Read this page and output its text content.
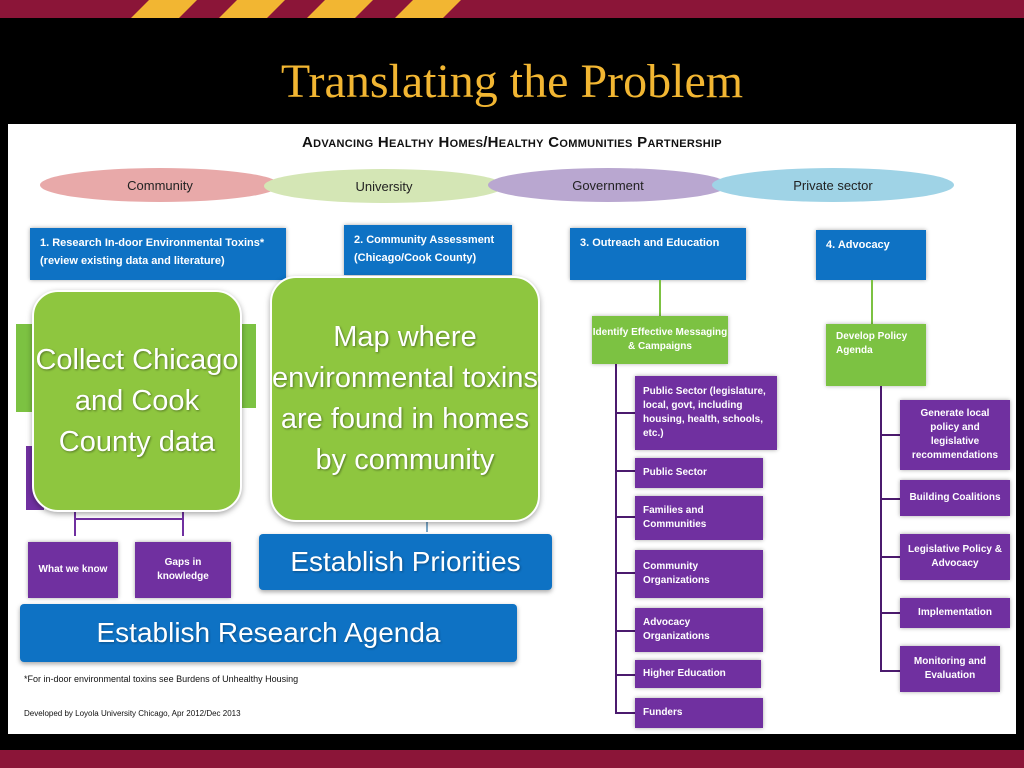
Translating the Problem
Advancing Healthy Homes/Healthy Communities Partnership
Community	University	Government	Private sector
1. Research In-door Environmental Toxins* (review existing data and literature)
2. Community Assessment (Chicago/Cook County)
3. Outreach and Education	4. Advocacy
What we know
Gaps in knowledge
Identify Effective Messaging & Campaigns
Public Sector (legislature, local, govt, including housing, health, schools, etc.)
Public Sector
Families and Communities
Community Organizations
Advocacy Organizations
Higher Education
Funders
Develop Policy Agenda
Generate local policy and legislative recommendations
Building Coalitions
Legislative Policy & Advocacy
Implementation
Monitoring and Evaluation
*For in-door environmental toxins see Burdens of Unhealthy Housing
Developed by Loyola University Chicago, Apr 2012/Dec 2013
Collect Chicago and Cook County data
Map where environmental toxins are found in homes by community
Establish Priorities
Establish Research Agenda
